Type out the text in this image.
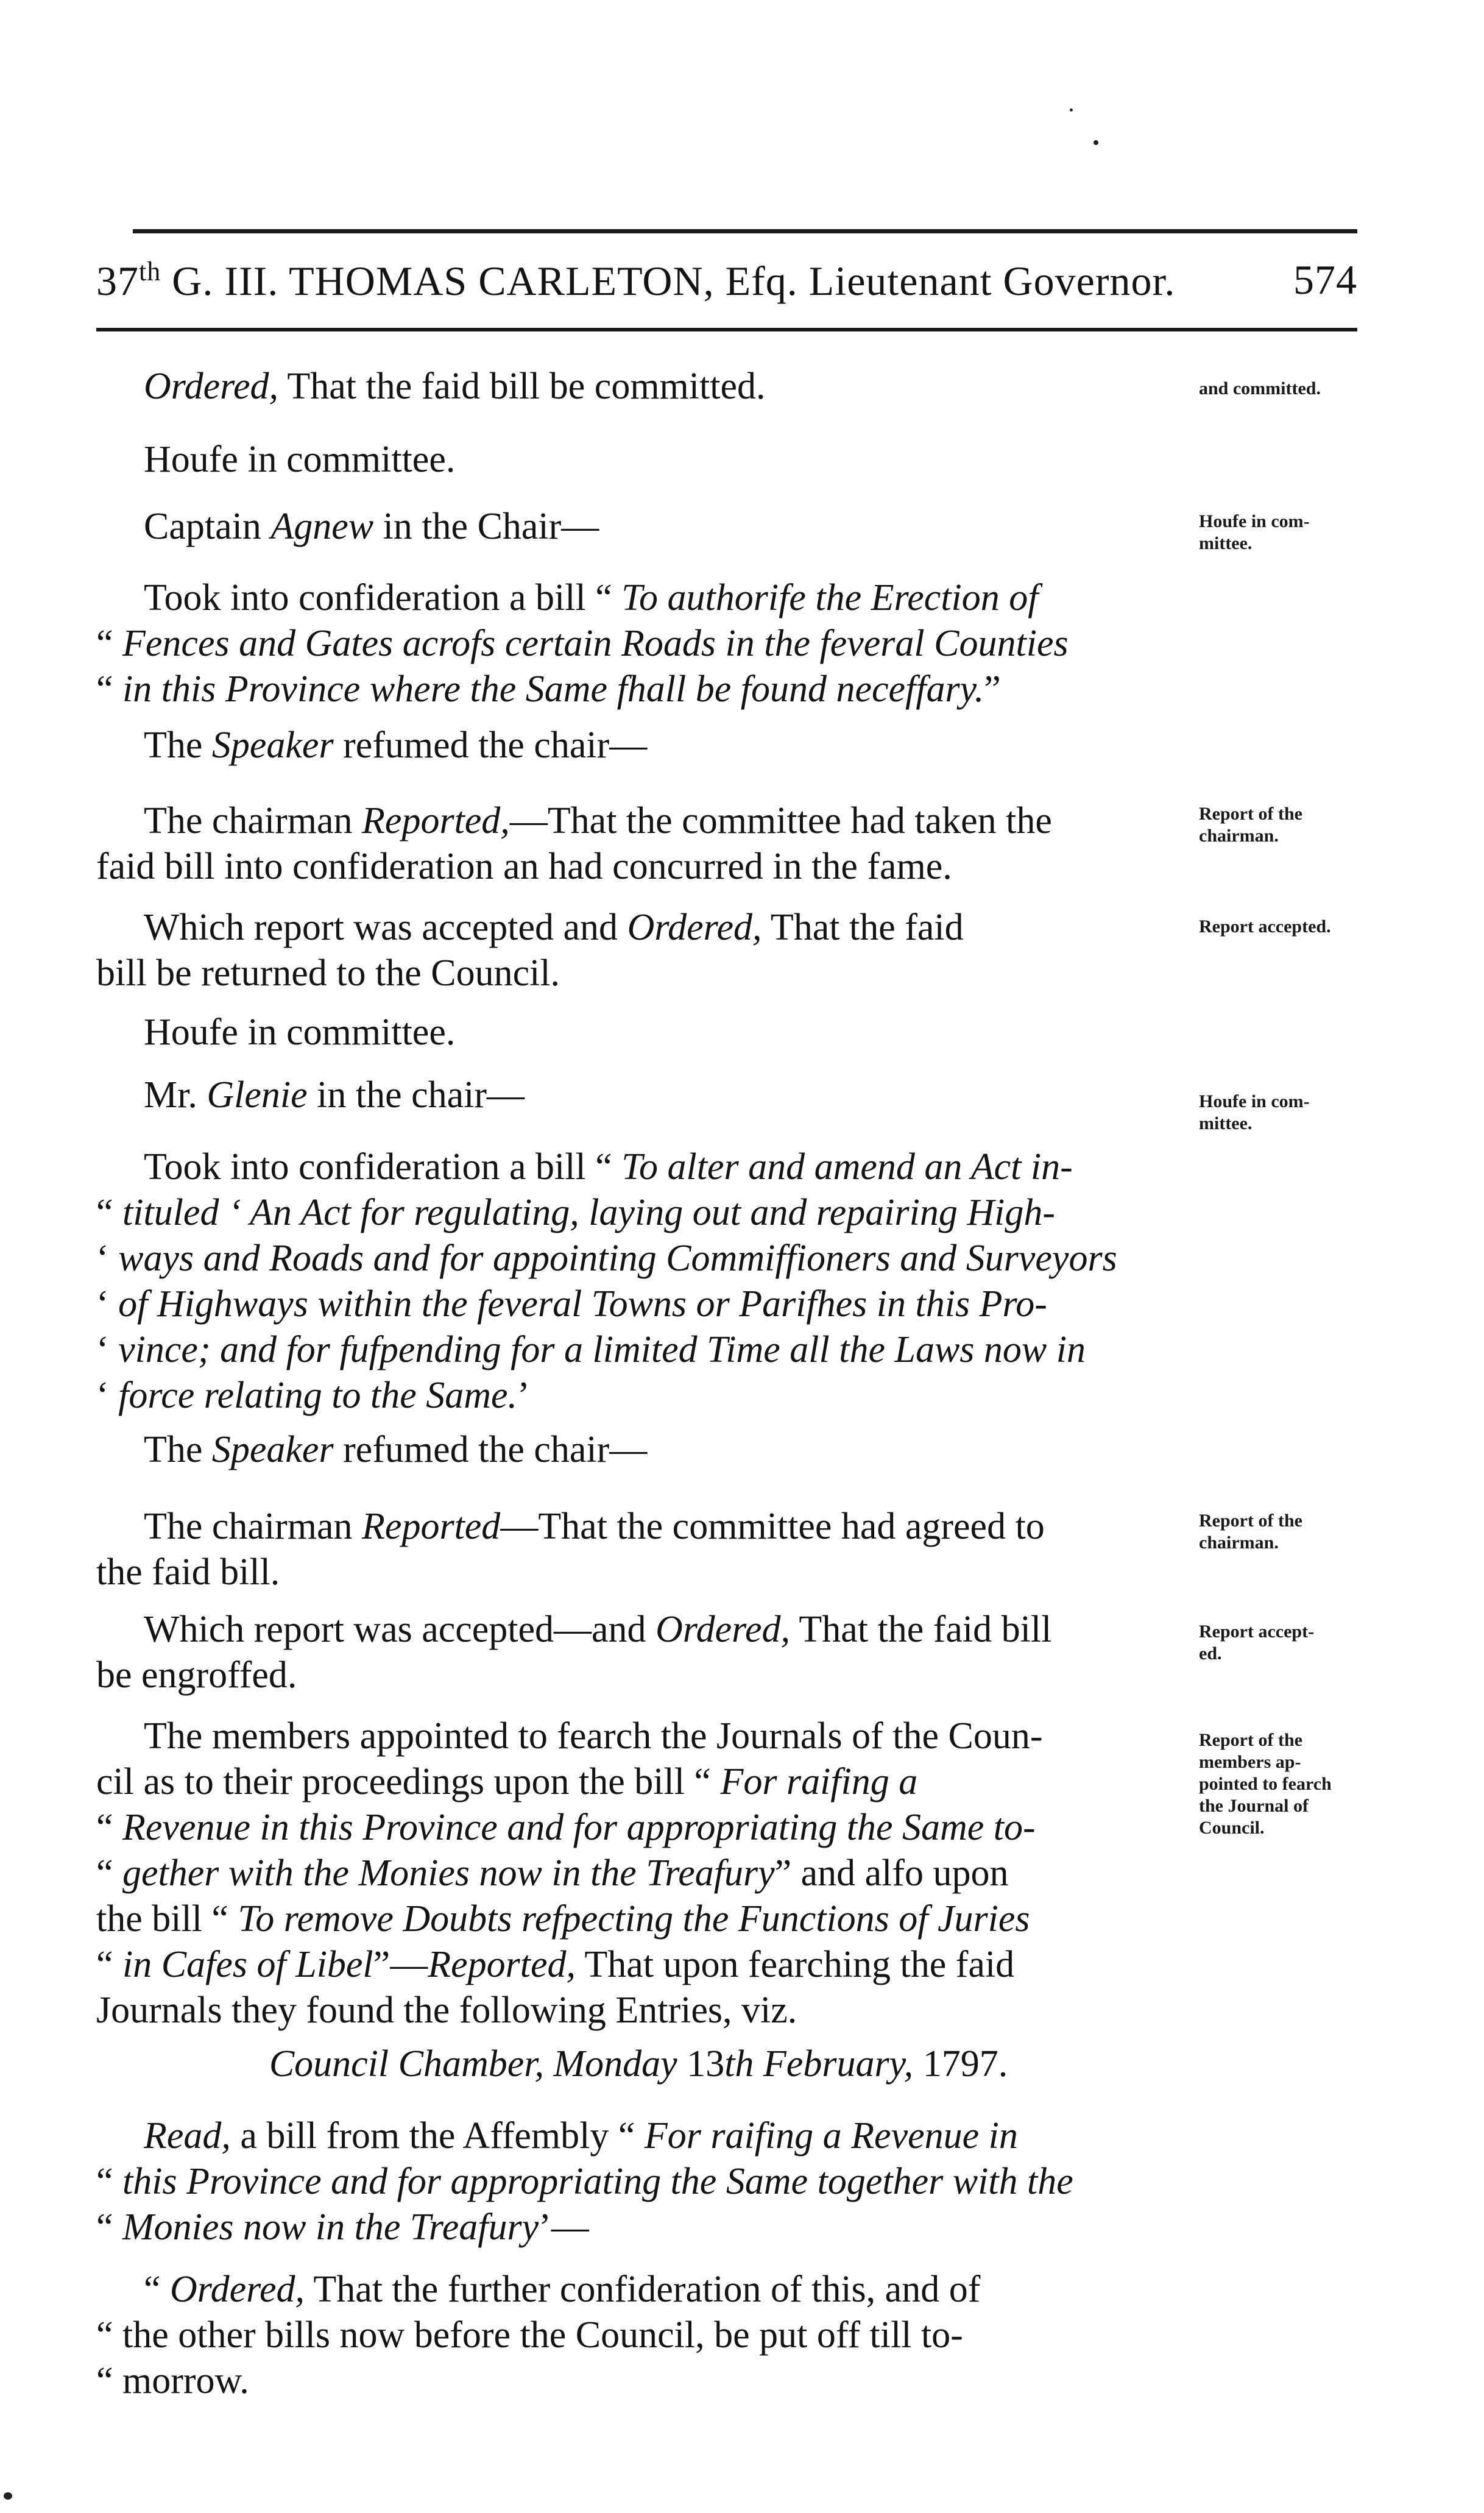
37th G. III. THOMAS CARLETON, Efq. Lieutenant Governor.	574
Ordered, That the faid bill be committed.
Houfe in committee.
Captain Agnew in the Chair—
Took into confideration a bill “ To authorife the Erection of
“ Fences and Gates acrofs certain Roads in the feveral Counties
“ in this Province where the Same fhall be found neceffary.”
The Speaker refumed the chair—
The chairman Reported,—That the committee had taken the
faid bill into confideration an had concurred in the fame.
Which report was accepted and Ordered, That the faid
bill be returned to the Council.
Houfe in committee.
Mr. Glenie in the chair—
Took into confideration a bill “ To alter and amend an Act in-
“ tituled ‘ An Act for regulating, laying out and repairing High-
‘ ways and Roads and for appointing Commiffioners and Surveyors
‘ of Highways within the feveral Towns or Parifhes in this Pro-
‘ vince; and for fufpending for a limited Time all the Laws now in
‘ force relating to the Same.’
The Speaker refumed the chair—
The chairman Reported—That the committee had agreed to
the faid bill.
Which report was accepted—and Ordered, That the faid bill
be engroffed.
The members appointed to fearch the Journals of the Coun-
cil as to their proceedings upon the bill “ For raifing a
“ Revenue in this Province and for appropriating the Same to-
“ gether with the Monies now in the Treafury” and alfo upon
the bill “ To remove Doubts refpecting the Functions of Juries
“ in Cafes of Libel”—Reported, That upon fearching the faid
Journals they found the following Entries, viz.
Council Chamber, Monday 13th February, 1797.
Read, a bill from the Affembly “ For raifing a Revenue in
“ this Province and for appropriating the Same together with the
“ Monies now in the Treafury’—
“ Ordered, That the further confideration of this, and of
“ the other bills now before the Council, be put off till to-
“ morrow.
and committed.
Houfe in com-
mittee.
Report of the
chairman.
Report accepted.
Houfe in com-
mittee.
Report of the
chairman.
Report accept-
ed.
Report of the
members ap-
pointed to fearch
the Journal of
Council.
